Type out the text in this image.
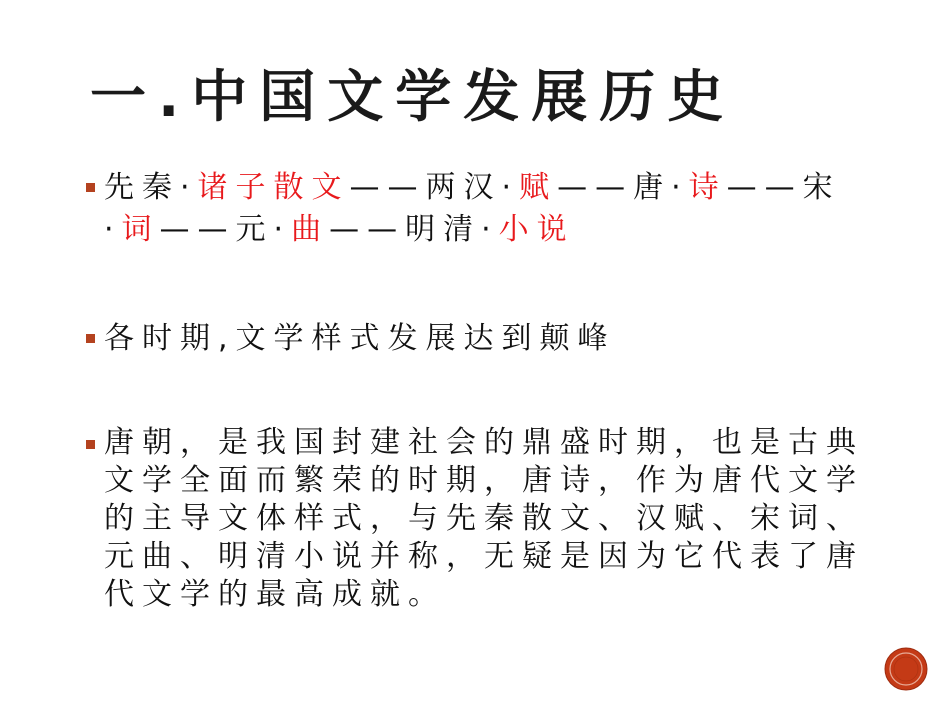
一.中国文学发展历史
先秦·诸子散文——两汉·赋——唐·诗——宋
·词——元·曲——明清·小说
各时期,文学样式发展达到颠峰
唐朝，是我国封建社会的鼎盛时期，也是古典
文学全面而繁荣的时期，唐诗，作为唐代文学
的主导文体样式，与先秦散文、汉赋、宋词、
元曲、明清小说并称，无疑是因为它代表了唐
代文学的最高成就。
